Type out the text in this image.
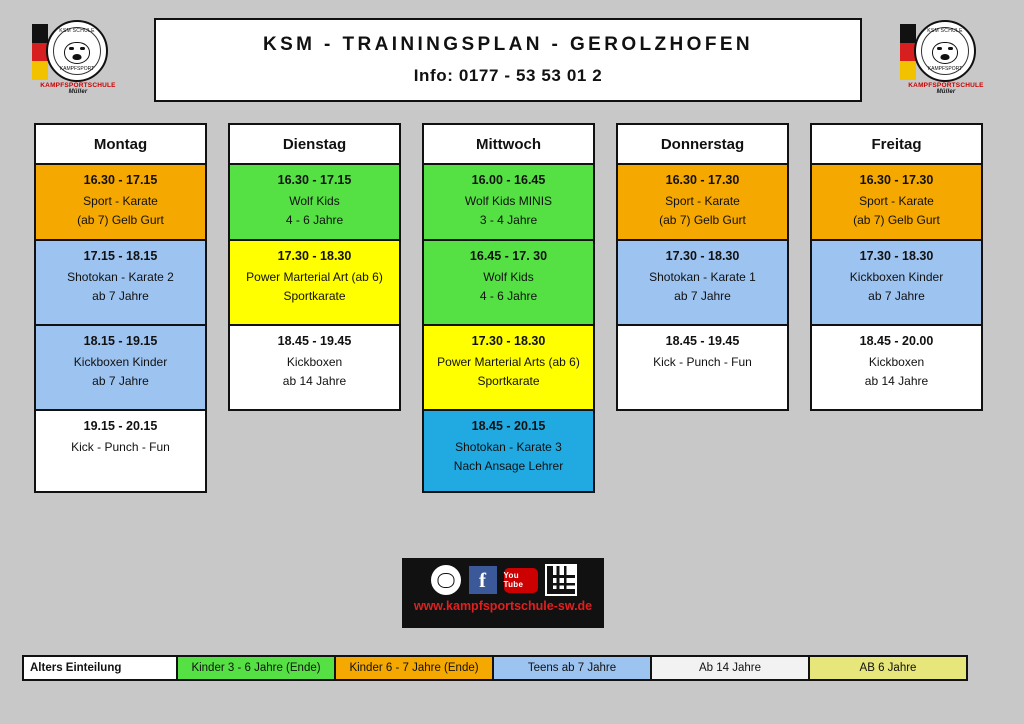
KSM SCHULE
KAMPFSPORT
KAMPFSPORTSCHULE
Müller
KSM SCHULE
KAMPFSPORT
KAMPFSPORTSCHULE
Müller
KSM - TRAININGSPLAN - GEROLZHOFEN
Info: 0177 - 53 53 01 2
Montag
16.30 - 17.15
Sport - Karate
(ab 7) Gelb Gurt
17.15 - 18.15
Shotokan - Karate 2
ab 7 Jahre
18.15 - 19.15
Kickboxen Kinder
ab 7 Jahre
19.15 - 20.15
Kick - Punch - Fun
Dienstag
16.30 - 17.15
Wolf Kids
4 - 6 Jahre
17.30 - 18.30
Power Marterial Art (ab 6)
Sportkarate
18.45 - 19.45
Kickboxen
ab 14 Jahre
Mittwoch
16.00 - 16.45
Wolf Kids MINIS
3 - 4 Jahre
16.45 - 17. 30
Wolf Kids
4 - 6 Jahre
17.30 - 18.30
Power Marterial Arts (ab 6)
Sportkarate
18.45 - 20.15
Shotokan - Karate 3
Nach Ansage Lehrer
Donnerstag
16.30 - 17.30
Sport - Karate
(ab 7) Gelb Gurt
17.30 - 18.30
Shotokan - Karate 1
ab 7 Jahre
18.45 - 19.45
Kick - Punch - Fun
Freitag
16.30 - 17.30
Sport - Karate
(ab 7) Gelb Gurt
17.30 - 18.30
Kickboxen Kinder
ab 7 Jahre
18.45 - 20.00
Kickboxen
ab 14 Jahre
f	You Tube
www.kampfsportschule-sw.de
Alters Einteilung	Kinder 3 - 6 Jahre (Ende)	Kinder 6 - 7 Jahre (Ende)	Teens ab 7 Jahre	Ab 14 Jahre	AB 6 Jahre
